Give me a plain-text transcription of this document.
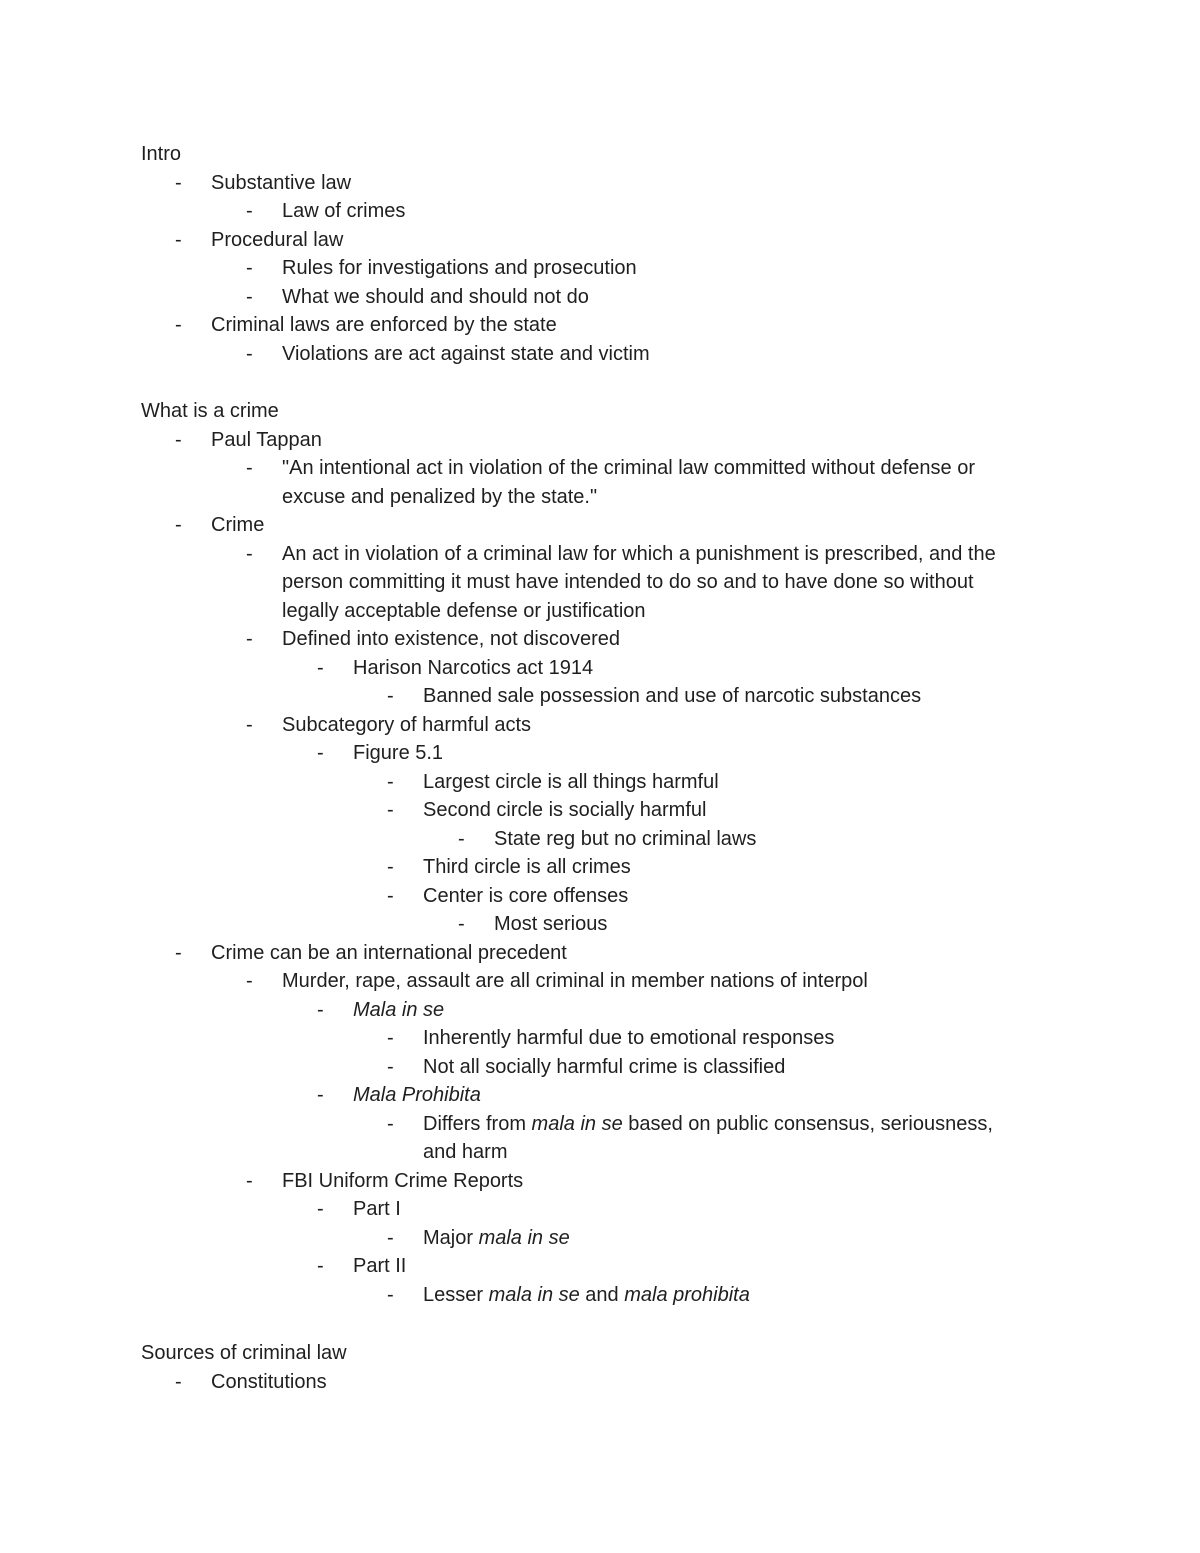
Intro
- Substantive law
- Law of crimes
- Procedural law
- Rules for investigations and prosecution
- What we should and should not do
- Criminal laws are enforced by the state
- Violations are act against state and victim
What is a crime
- Paul Tappan
- "An intentional act in violation of the criminal law committed without defense or
excuse and penalized by the state."
- Crime
- An act in violation of a criminal law for which a punishment is prescribed, and the
person committing it must have intended to do so and to have done so without
legally acceptable defense or justification
- Defined into existence, not discovered
- Harison Narcotics act 1914
- Banned sale possession and use of narcotic substances
- Subcategory of harmful acts
- Figure 5.1
- Largest circle is all things harmful
- Second circle is socially harmful
- State reg but no criminal laws
- Third circle is all crimes
- Center is core offenses
- Most serious
- Crime can be an international precedent
- Murder, rape, assault are all criminal in member nations of interpol
- Mala in se
- Inherently harmful due to emotional responses
- Not all socially harmful crime is classified
- Mala Prohibita
- Differs from mala in se based on public consensus, seriousness,
and harm
- FBI Uniform Crime Reports
- Part I
- Major mala in se
- Part II
- Lesser mala in se and mala prohibita
Sources of criminal law
- Constitutions
